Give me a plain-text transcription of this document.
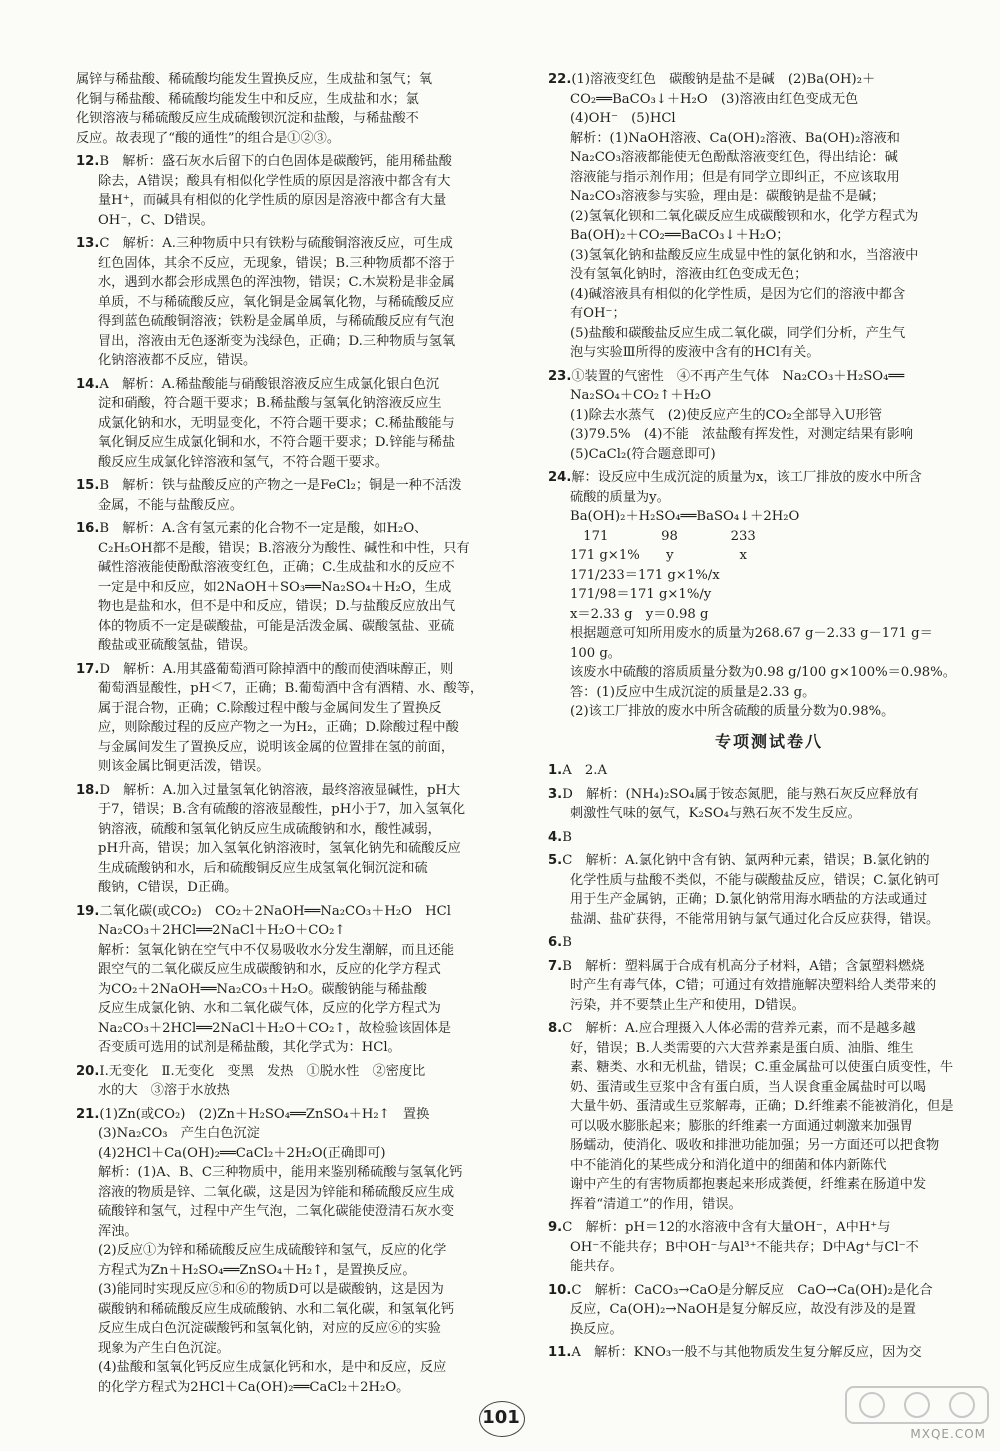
属锌与稀盐酸、稀硫酸均能发生置换反应，生成盐和氢气；氧
化铜与稀盐酸、稀硫酸均能发生中和反应，生成盐和水；氯
化钡溶液与稀硫酸反应生成硫酸钡沉淀和盐酸，与稀盐酸不
反应。故表现了“酸的通性”的组合是①②③。
12.B　解析：盛石灰水后留下的白色固体是碳酸钙，能用稀盐酸
除去，A错误；酸具有相似化学性质的原因是溶液中都含有大
量H⁺，而碱具有相似的化学性质的原因是溶液中都含有大量
OH⁻，C、D错误。
13.C　解析：A.三种物质中只有铁粉与硫酸铜溶液反应，可生成
红色固体，其余不反应，无现象，错误；B.三种物质都不溶于
水，遇到水都会形成黑色的浑浊物，错误；C.木炭粉是非金属
单质，不与稀硫酸反应，氧化铜是金属氧化物，与稀硫酸反应
得到蓝色硫酸铜溶液；铁粉是金属单质，与稀硫酸反应有气泡
冒出，溶液由无色逐渐变为浅绿色，正确；D.三种物质与氢氧
化钠溶液都不反应，错误。
14.A　解析：A.稀盐酸能与硝酸银溶液反应生成氯化银白色沉
淀和硝酸，符合题干要求；B.稀盐酸与氢氧化钠溶液反应生
成氯化钠和水，无明显变化，不符合题干要求；C.稀盐酸能与
氧化铜反应生成氯化铜和水，不符合题干要求；D.锌能与稀盐
酸反应生成氯化锌溶液和氢气，不符合题干要求。
15.B　解析：铁与盐酸反应的产物之一是FeCl₂；铜是一种不活泼
金属，不能与盐酸反应。
16.B　解析：A.含有氢元素的化合物不一定是酸，如H₂O、
C₂H₅OH都不是酸，错误；B.溶液分为酸性、碱性和中性，只有
碱性溶液能使酚酞溶液变红色，正确；C.生成盐和水的反应不
一定是中和反应，如2NaOH＋SO₃══Na₂SO₄＋H₂O，生成
物也是盐和水，但不是中和反应，错误；D.与盐酸反应放出气
体的物质不一定是碳酸盐，可能是活泼金属、碳酸氢盐、亚硫
酸盐或亚硫酸氢盐，错误。
17.D　解析：A.用其盛葡萄酒可除掉酒中的酸而使酒味醇正，则
葡萄酒显酸性，pH＜7，正确；B.葡萄酒中含有酒精、水、酸等，
属于混合物，正确；C.除酸过程中酸与金属间发生了置换反
应，则除酸过程的反应产物之一为H₂，正确；D.除酸过程中酸
与金属间发生了置换反应，说明该金属的位置排在氢的前面，
则该金属比铜更活泼，错误。
18.D　解析：A.加入过量氢氧化钠溶液，最终溶液显碱性，pH大
于7，错误；B.含有硫酸的溶液显酸性，pH小于7，加入氢氧化
钠溶液，硫酸和氢氧化钠反应生成硫酸钠和水，酸性减弱，
pH升高，错误；加入氢氧化钠溶液时，氢氧化钠先和硫酸反应
生成硫酸钠和水，后和硫酸铜反应生成氢氧化铜沉淀和硫
酸钠，C错误，D正确。
19.二氧化碳(或CO₂)　CO₂＋2NaOH══Na₂CO₃＋H₂O　HCl
Na₂CO₃＋2HCl══2NaCl＋H₂O＋CO₂↑
解析：氢氧化钠在空气中不仅易吸收水分发生潮解，而且还能
跟空气的二氧化碳反应生成碳酸钠和水，反应的化学方程式
为CO₂＋2NaOH══Na₂CO₃＋H₂O。碳酸钠能与稀盐酸
反应生成氯化钠、水和二氧化碳气体，反应的化学方程式为
Na₂CO₃＋2HCl══2NaCl＋H₂O＋CO₂↑，故检验该固体是
否变质可选用的试剂是稀盐酸，其化学式为：HCl。
20.Ⅰ.无变化　Ⅱ.无变化　变黑　发热　①脱水性　②密度比
水的大　③溶于水放热
21.(1)Zn(或CO₂)　(2)Zn＋H₂SO₄══ZnSO₄＋H₂↑　置换
(3)Na₂CO₃　产生白色沉淀
(4)2HCl＋Ca(OH)₂══CaCl₂＋2H₂O(正确即可)
解析：(1)A、B、C三种物质中，能用来鉴别稀硫酸与氢氧化钙
溶液的物质是锌、二氧化碳，这是因为锌能和稀硫酸反应生成
硫酸锌和氢气，过程中产生气泡，二氧化碳能使澄清石灰水变
浑浊。
(2)反应①为锌和稀硫酸反应生成硫酸锌和氢气，反应的化学
方程式为Zn＋H₂SO₄══ZnSO₄＋H₂↑，是置换反应。
(3)能同时实现反应⑤和⑥的物质D可以是碳酸钠，这是因为
碳酸钠和稀硫酸反应生成硫酸钠、水和二氧化碳，和氢氧化钙
反应生成白色沉淀碳酸钙和氢氧化钠，对应的反应⑥的实验
现象为产生白色沉淀。
(4)盐酸和氢氧化钙反应生成氯化钙和水，是中和反应，反应
的化学方程式为2HCl＋Ca(OH)₂══CaCl₂＋2H₂O。
22.(1)溶液变红色　碳酸钠是盐不是碱　(2)Ba(OH)₂＋
CO₂══BaCO₃↓＋H₂O　(3)溶液由红色变成无色
(4)OH⁻　(5)HCl
解析：(1)NaOH溶液、Ca(OH)₂溶液、Ba(OH)₂溶液和
Na₂CO₃溶液都能使无色酚酞溶液变红色，得出结论：碱
溶液能与指示剂作用；但是有同学立即纠正，不应该取用
Na₂CO₃溶液参与实验，理由是：碳酸钠是盐不是碱；
(2)氢氧化钡和二氧化碳反应生成碳酸钡和水，化学方程式为
Ba(OH)₂＋CO₂══BaCO₃↓＋H₂O；
(3)氢氧化钠和盐酸反应生成显中性的氯化钠和水，当溶液中
没有氢氧化钠时，溶液由红色变成无色；
(4)碱溶液具有相似的化学性质，是因为它们的溶液中都含
有OH⁻；
(5)盐酸和碳酸盐反应生成二氧化碳，同学们分析，产生气
泡与实验Ⅲ所得的废液中含有的HCl有关。
23.①装置的气密性　④不再产生气体　Na₂CO₃＋H₂SO₄══
Na₂SO₄＋CO₂↑＋H₂O
(1)除去水蒸气　(2)使反应产生的CO₂全部导入U形管
(3)79.5%　(4)不能　浓盐酸有挥发性，对测定结果有影响
(5)CaCl₂(符合题意即可)
24.解：设反应中生成沉淀的质量为x，该工厂排放的废水中所含
硫酸的质量为y。
Ba(OH)₂＋H₂SO₄══BaSO₄↓＋2H₂O
　171　　　　98　　　　233
171 g×1%　　y　　　　　x
171/233＝171 g×1%/x
171/98＝171 g×1%/y
x＝2.33 g　y＝0.98 g
根据题意可知所用废水的质量为268.67 g－2.33 g－171 g＝
100 g。
该废水中硫酸的溶质质量分数为0.98 g/100 g×100%＝0.98%。
答：(1)反应中生成沉淀的质量是2.33 g。
(2)该工厂排放的废水中所含硫酸的质量分数为0.98%。
专项测试卷八
1.A　2.A
3.D　解析：(NH₄)₂SO₄属于铵态氮肥，能与熟石灰反应释放有
刺激性气味的氨气，K₂SO₄与熟石灰不发生反应。
4.B
5.C　解析：A.氯化钠中含有钠、氯两种元素，错误；B.氯化钠的
化学性质与盐酸不类似，不能与碳酸盐反应，错误；C.氯化钠可
用于生产金属钠，正确；D.氯化钠常用海水晒盐的方法或通过
盐湖、盐矿获得，不能常用钠与氯气通过化合反应获得，错误。
6.B
7.B　解析：塑料属于合成有机高分子材料，A错；含氯塑料燃烧
时产生有毒气体，C错；可通过有效措施解决塑料给人类带来的
污染，并不要禁止生产和使用，D错误。
8.C　解析：A.应合理摄入人体必需的营养元素，而不是越多越
好，错误；B.人类需要的六大营养素是蛋白质、油脂、维生
素、糖类、水和无机盐，错误；C.重金属盐可以使蛋白质变性，牛
奶、蛋清或生豆浆中含有蛋白质，当人误食重金属盐时可以喝
大量牛奶、蛋清或生豆浆解毒，正确；D.纤维素不能被消化，但是
可以吸水膨胀起来；膨胀的纤维素一方面通过刺激来加强胃
肠蠕动，使消化、吸收和排泄功能加强；另一方面还可以把食物
中不能消化的某些成分和消化道中的细菌和体内新陈代
谢中产生的有害物质都抱裹起来形成粪便，纤维素在肠道中发
挥着“清道工”的作用，错误。
9.C　解析：pH＝12的水溶液中含有大量OH⁻，A中H⁺与
OH⁻不能共存；B中OH⁻与Al³⁺不能共存；D中Ag⁺与Cl⁻不
能共存。
10.C　解析：CaCO₃→CaO是分解反应　CaO→Ca(OH)₂是化合
反应，Ca(OH)₂→NaOH是复分解反应，故没有涉及的是置
换反应。
11.A　解析：KNO₃一般不与其他物质发生复分解反应，因为交
101
MXQE.COM
